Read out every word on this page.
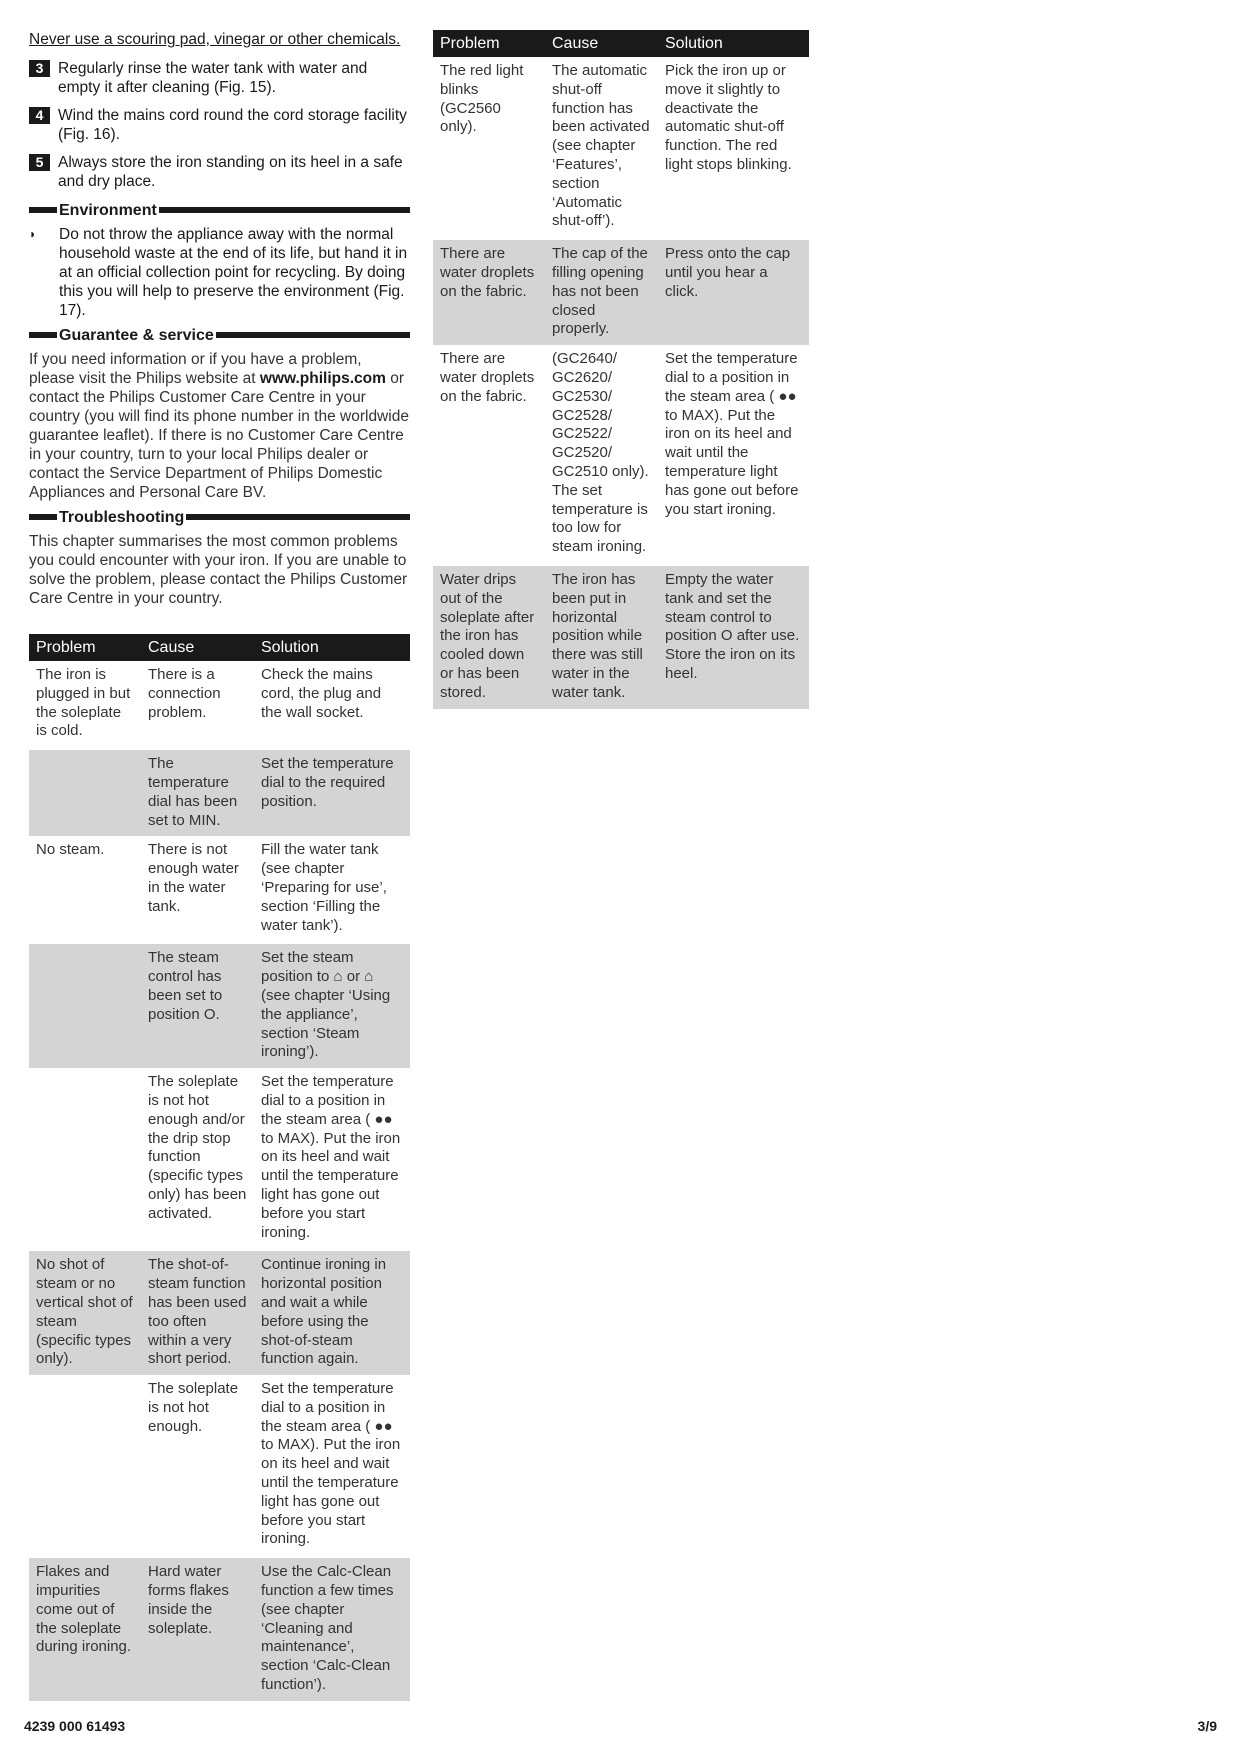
Never use a scouring pad, vinegar or other chemicals.

3 Regularly rinse the water tank with water and empty it after cleaning (Fig. 15).
4 Wind the mains cord round the cord storage facility (Fig. 16).
5 Always store the iron standing on its heel in a safe and dry place.
Environment
◗	Do not throw the appliance away with the normal household waste at the end of its life, but hand it in at an official collection point for recycling. By doing this you will help to preserve the environment (Fig. 17).
Guarantee & service

If you need information or if you have a problem, please visit the Philips website at www.philips.com or contact the Philips Customer Care Centre in your country (you will find its phone number in the worldwide guarantee leaflet). If there is no Customer Care Centre in your country, turn to your local Philips dealer or contact the Service Department of Philips Domestic Appliances and Personal Care BV.

Troubleshooting

This chapter summarises the most common problems you could encounter with your iron. If you are unable to solve the problem, please contact the Philips Customer Care Centre in your country.

Problem	Cause	Solution
The iron is plugged in but the soleplate is cold.	There is a connection problem.	Check the mains cord, the plug and the wall socket.
	The temperature dial has been set to MIN.	Set the temperature dial to the required position.
No steam.	There is not enough water in the water tank.	Fill the water tank (see chapter ‘Preparing for use’, section ‘Filling the water tank’).
	The steam control has been set to position O.	Set the steam position to ⌂ or ⌂ (see chapter ‘Using the appliance’, section ‘Steam ironing’).
	The soleplate is not hot enough and/or the drip stop function (specific types only) has been activated.	Set the temperature dial to a position in the steam area ( ●● to MAX). Put the iron on its heel and wait until the temperature light has gone out before you start ironing.
No shot of steam or no vertical shot of steam (specific types only).	The shot-of-steam function has been used too often within a very short period.	Continue ironing in horizontal position and wait a while before using the shot-of-steam function again.
	The soleplate is not hot enough.	Set the temperature dial to a position in the steam area ( ●● to MAX). Put the iron on its heel and wait until the temperature light has gone out before you start ironing.
Flakes and impurities come out of the soleplate during ironing.	Hard water forms flakes inside the soleplate.	Use the Calc-Clean function a few times (see chapter ‘Cleaning and maintenance’, section ‘Calc-Clean function’).
Problem	Cause	Solution
The red light blinks (GC2560 only).	The automatic shut-off function has been activated (see chapter ‘Features’, section ‘Automatic shut-off’).	Pick the iron up or move it slightly to deactivate the automatic shut-off function. The red light stops blinking.
There are water droplets on the fabric.	The cap of the filling opening has not been closed properly.	Press onto the cap until you hear a click.
There are water droplets on the fabric.	(GC2640/ GC2620/ GC2530/ GC2528/ GC2522/ GC2520/ GC2510 only). The set temperature is too low for steam ironing.	Set the temperature dial to a position in the steam area ( ●● to MAX). Put the iron on its heel and wait until the temperature light has gone out before you start ironing.
Water drips out of the soleplate after the iron has cooled down or has been stored.	The iron has been put in horizontal position while there was still water in the water tank.	Empty the water tank and set the steam control to position O after use. Store the iron on its heel.
4239 000 61493	3/9
